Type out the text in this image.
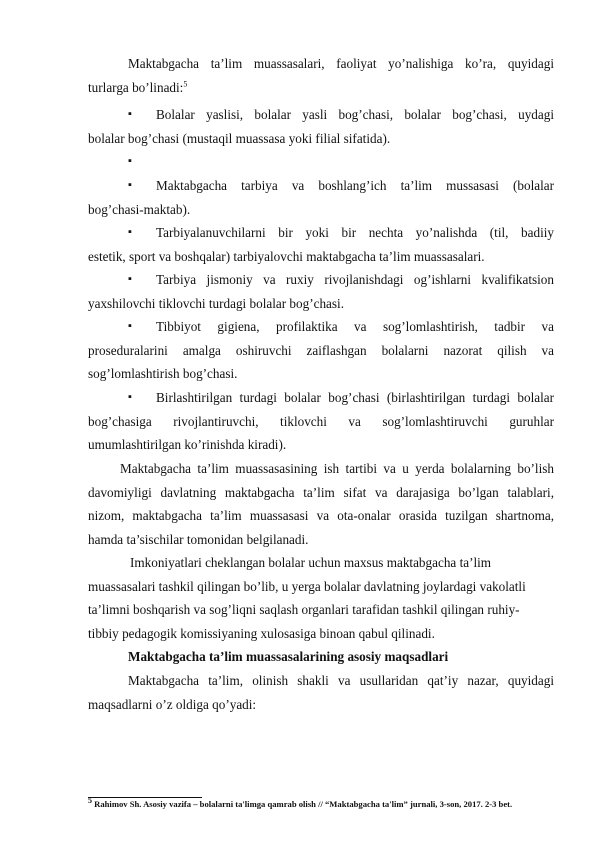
Maktabgacha ta’lim muassasalari, faoliyat yo’nalishiga ko’ra, quyidagi
turlarga bo’linadi:$^5$

▪	Bolalar yaslisi, bolalar yasli bog’chasi, bolalar bog’chasi, uydagi
bolalar bog’chasi (mustaqil muassasa yoki filial sifatida).
▪
▪	Maktabgacha tarbiya va boshlang’ich ta’lim mussasasi (bolalar
bog’chasi-maktab).
▪	Tarbiyalanuvchilarni bir yoki bir nechta yo’nalishda (til, badiiy
estetik, sport va boshqalar) tarbiyalovchi maktabgacha ta’lim muassasalari.
▪	Tarbiya jismoniy va ruxiy rivojlanishdagi og’ishlarni kvalifikatsion
yaxshilovchi tiklovchi turdagi bolalar bog’chasi.
▪	Tibbiyot gigiena, profilaktika va sog’lomlashtirish, tadbir va
proseduralarini amalga oshiruvchi zaiflashgan bolalarni nazorat qilish va
sog’lomlashtirish bog’chasi.
▪	Birlashtirilgan turdagi bolalar bog’chasi (birlashtirilgan turdagi bolalar
bog’chasiga rivojlantiruvchi, tiklovchi va sog’lomlashtiruvchi guruhlar
umumlashtirilgan ko’rinishda kiradi).

Maktabgacha ta’lim muassasasining ish tartibi va u yerda bolalarning bo’lish
davomiyligi davlatning maktabgacha ta’lim sifat va darajasiga bo’lgan talablari,
nizom, maktabgacha ta’lim muassasasi va ota-onalar orasida tuzilgan shartnoma,
hamda ta’sischilar tomonidan belgilanadi.

Imkoniyatlari cheklangan bolalar uchun maxsus maktabgacha ta’lim
muassasalari tashkil qilingan bo’lib, u yerga bolalar davlatning joylardagi vakolatli
ta’limni boshqarish va sog’liqni saqlash organlari tarafidan tashkil qilingan ruhiy-
tibbiy pedagogik komissiyaning xulosasiga binoan qabul qilinadi.

Maktabgacha ta’lim muassasalarining asosiy maqsadlari

Maktabgacha ta’lim, olinish shakli va usullaridan qat’iy nazar, quyidagi
maqsadlarni o’z oldiga qo’yadi:

$^5$ Rahimov Sh. Asosiy vazifa – bolalarni ta'limga qamrab olish // “Maktabgacha ta'lim” jurnali, 3-son, 2017. 2-3 bet.
